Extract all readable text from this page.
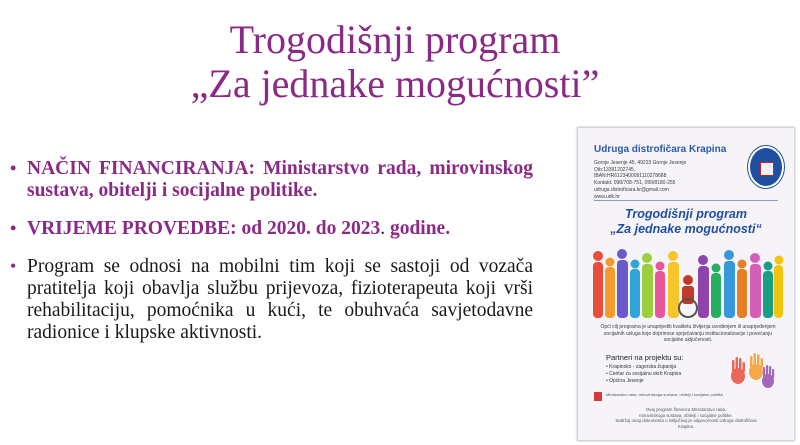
Trogodišnji program
„Za jednake mogućnosti”
• NAČIN FINANCIRANJA: Ministarstvo rada, mirovinskog sustava, obitelji i socijalne politike.
• VRIJEME PROVEDBE: od 2020. do 2023. godine.
• Program se odnosi na mobilni tim koji se sastoji od vozača pratitelja koji obavlja službu prijevoza, fizioterapeuta koji vrši rehabilitaciju, pomoćnika u kući, te obuhvaća savjetodavne radionice i klupske aktivnosti.
Udruga distrofičara Krapina
Gornje Jesenje 45, 49233 Gornje Jesenje
Oib:13391202745,
IBAN:HR6123400091110278688
Kontakt: 098/708-751, 099/8180-255
udruga.distroficara.kr@gmail.com
www.udk.hr
Trogodišnji program
„Za jednake mogućnosti“
Opći cilj programa je unaprijediti kvalitetu življenja uvođenjem ili unaprjeđenjem socijalnih usluga koje doprinose sprječavanju institucionalizacije i povećanju socijalne uključenosti.
Partneri na projektu su:
• Krapinsko - zagorska županija
• Centar za socijalnu skrb Krapina
• Općina Jesenje
Ministarstvo rada, mirovinskoga sustava, obitelji i socijalne politike
Ovaj program financira Ministarstvo rada,
mirovinskoga sustava, obitelji i socijalne politike.
Sadržaj ovog dokumenta u isključivoj je odgovornosti Udruge distrofičara Krapina.
